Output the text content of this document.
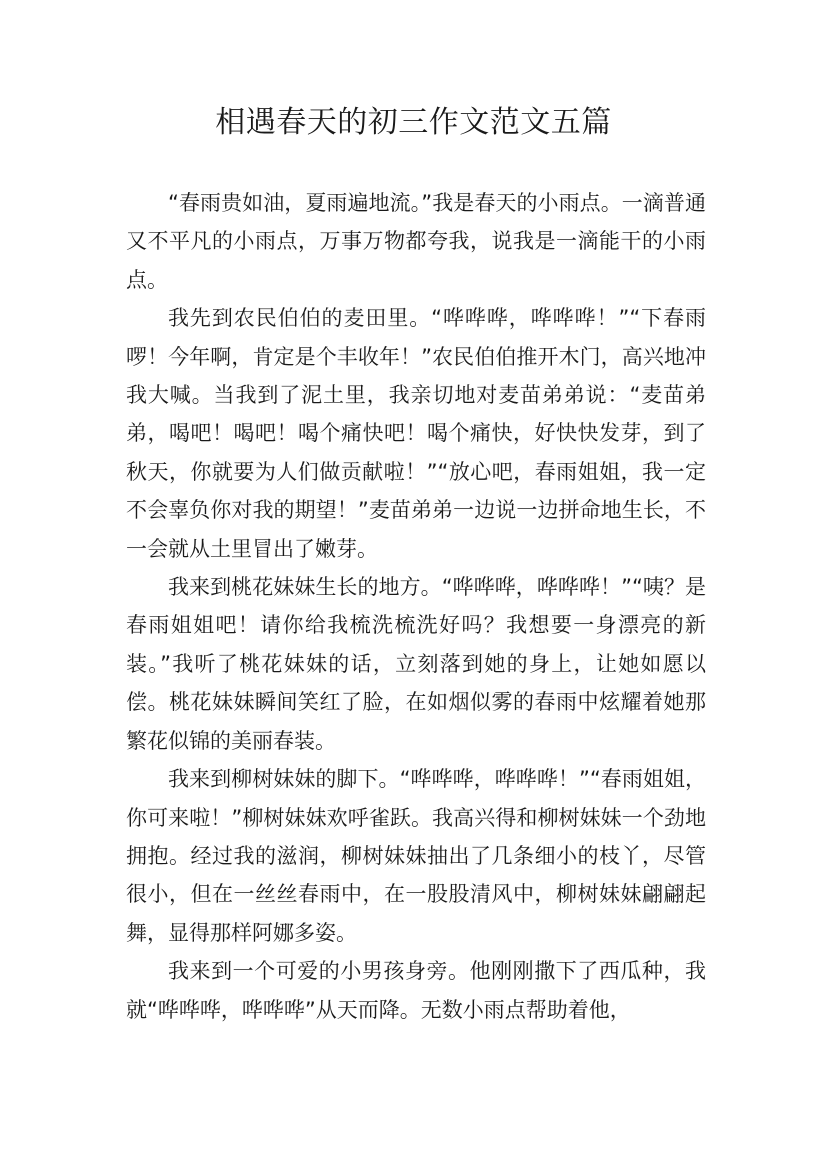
相遇春天的初三作文范文五篇

“春雨贵如油，夏雨遍地流。”我是春天的小雨点。一滴普通又不平凡的小雨点，万事万物都夸我，说我是一滴能干的小雨点。

我先到农民伯伯的麦田里。“哗哗哗，哗哗哗！”“下春雨啰！今年啊，肯定是个丰收年！”农民伯伯推开木门，高兴地冲我大喊。当我到了泥土里，我亲切地对麦苗弟弟说：“麦苗弟弟，喝吧！喝吧！喝个痛快吧！喝个痛快，好快快发芽，到了秋天，你就要为人们做贡献啦！”“放心吧，春雨姐姐，我一定不会辜负你对我的期望！”麦苗弟弟一边说一边拼命地生长，不一会就从土里冒出了嫩芽。

我来到桃花妹妹生长的地方。“哗哗哗，哗哗哗！”“咦？是春雨姐姐吧！请你给我梳洗梳洗好吗？我想要一身漂亮的新装。”我听了桃花妹妹的话，立刻落到她的身上，让她如愿以偿。桃花妹妹瞬间笑红了脸，在如烟似雾的春雨中炫耀着她那繁花似锦的美丽春装。

我来到柳树妹妹的脚下。“哗哗哗，哗哗哗！”“春雨姐姐，你可来啦！”柳树妹妹欢呼雀跃。我高兴得和柳树妹妹一个劲地拥抱。经过我的滋润，柳树妹妹抽出了几条细小的枝丫，尽管很小，但在一丝丝春雨中，在一股股清风中，柳树妹妹翩翩起舞，显得那样阿娜多姿。

我来到一个可爱的小男孩身旁。他刚刚撒下了西瓜种，我就“哗哗哗，哗哗哗”从天而降。无数小雨点帮助着他，
